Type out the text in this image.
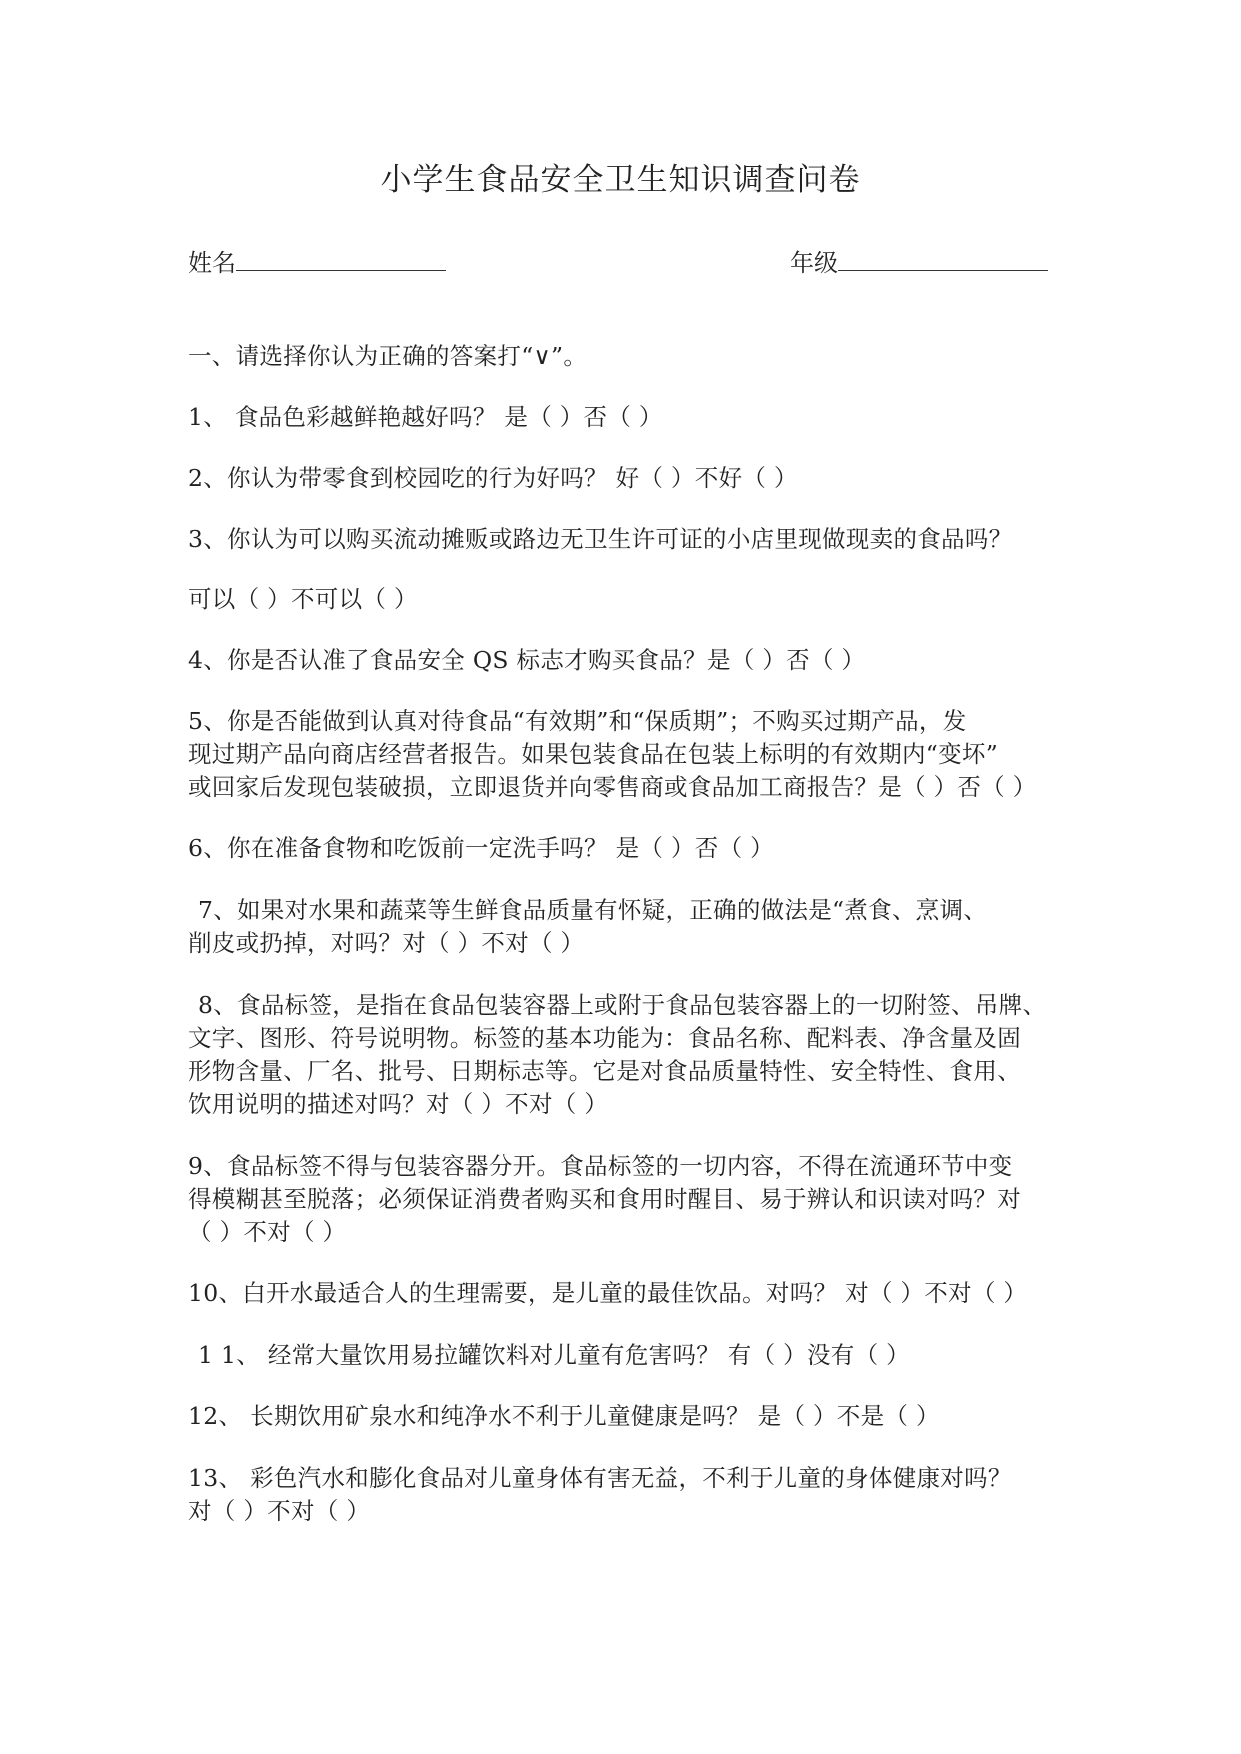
小学生食品安全卫生知识调查问卷
姓名	年级
一、请选择你认为正确的答案打“∨”。
1、 食品色彩越鲜艳越好吗？ 是（ ）否（ ）
2、你认为带零食到校园吃的行为好吗？ 好（ ）不好（ ）
3、你认为可以购买流动摊贩或路边无卫生许可证的小店里现做现卖的食品吗？
可以（ ）不可以（ ）
4、你是否认准了食品安全 QS 标志才购买食品？是（ ）否（ ）
5、你是否能做到认真对待食品“有效期”和“保质期”；不购买过期产品，发
现过期产品向商店经营者报告。如果包装食品在包装上标明的有效期内“变坏”
或回家后发现包装破损，立即退货并向零售商或食品加工商报告？是（ ）否（ ）
6、你在准备食物和吃饭前一定洗手吗？ 是（ ）否（ ）
7、如果对水果和蔬菜等生鲜食品质量有怀疑，正确的做法是“煮食、烹调、
削皮或扔掉，对吗？对（ ）不对（ ）
8、食品标签，是指在食品包装容器上或附于食品包装容器上的一切附签、吊牌、
文字、图形、符号说明物。标签的基本功能为：食品名称、配料表、净含量及固
形物含量、厂名、批号、日期标志等。它是对食品质量特性、安全特性、食用、
饮用说明的描述对吗？对（ ）不对（ ）
9、食品标签不得与包装容器分开。食品标签的一切内容，不得在流通环节中变
得模糊甚至脱落；必须保证消费者购买和食用时醒目、易于辨认和识读对吗？对
（ ）不对（ ）
10、白开水最适合人的生理需要，是儿童的最佳饮品。对吗？ 对（ ）不对（ ）
1 1、 经常大量饮用易拉罐饮料对儿童有危害吗？ 有（ ）没有（ ）
12、 长期饮用矿泉水和纯净水不利于儿童健康是吗？ 是（ ）不是（ ）
13、 彩色汽水和膨化食品对儿童身体有害无益，不利于儿童的身体健康对吗？
对（ ）不对（ ）
